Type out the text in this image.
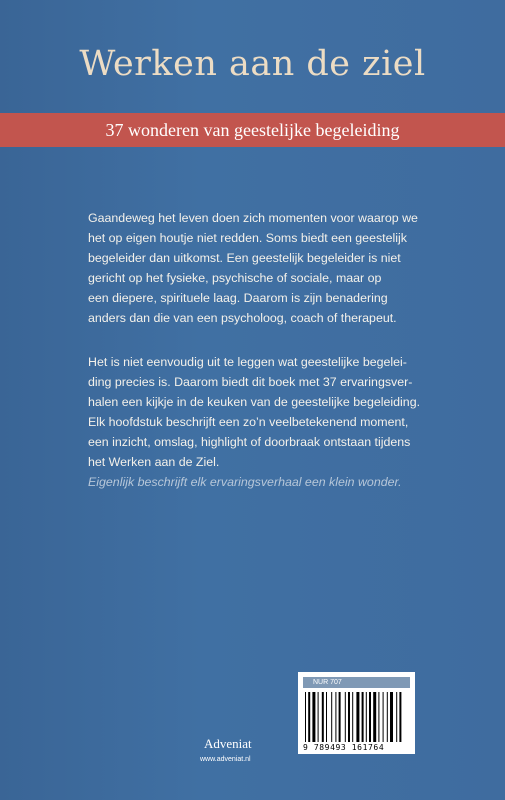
Werken aan de ziel
37 wonderen van geestelijke begeleiding
Gaandeweg het leven doen zich momenten voor waarop we
het op eigen houtje niet redden. Soms biedt een geestelijk
begeleider dan uitkomst. Een geestelijk begeleider is niet
gericht op het fysieke, psychische of sociale, maar op
een diepere, spirituele laag. Daarom is zijn benadering
anders dan die van een psycholoog, coach of therapeut.
Het is niet eenvoudig uit te leggen wat geestelijke begelei-
ding precies is. Daarom biedt dit boek met 37 ervaringsver-
halen een kijkje in de keuken van de geestelijke begeleiding.
Elk hoofdstuk beschrijft een zo’n veelbetekenend moment,
een inzicht, omslag, highlight of doorbraak ontstaan tijdens
het Werken aan de Ziel.
Eigenlijk beschrijft elk ervaringsverhaal een klein wonder.
Adveniat
www.adveniat.nl
NUR 707
9 789493 161764
